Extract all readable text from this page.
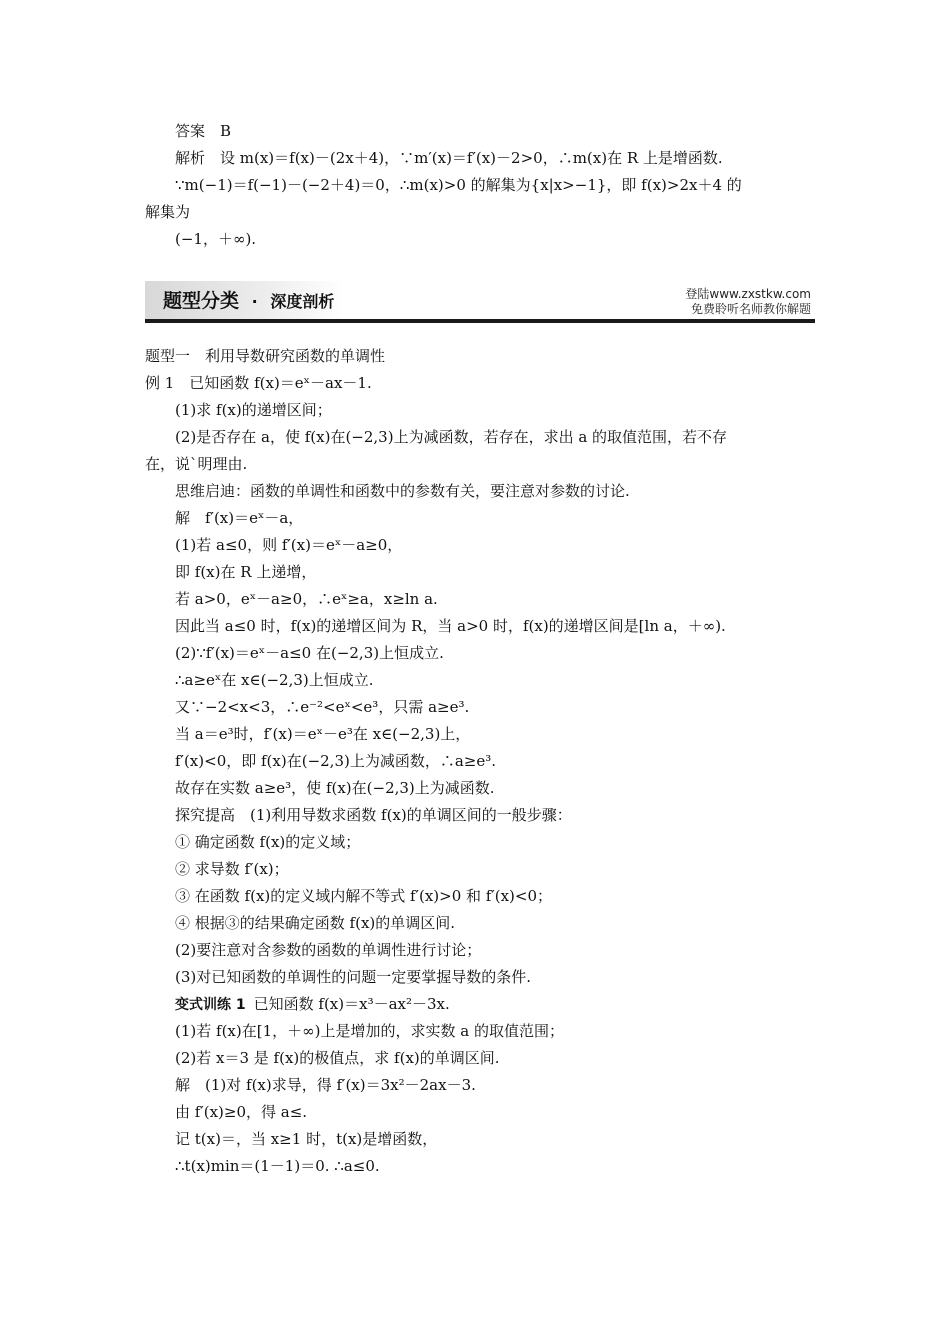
答案　B

解析　设 m(x)＝f(x)－(2x＋4)，∵m′(x)＝f′(x)－2>0，∴m(x)在 R 上是增函数.

∵m(−1)＝f(−1)－(−2＋4)＝0，∴m(x)>0 的解集为{x|x>−1}，即 f(x)>2x＋4 的

解集为

(−1，＋∞).

题型分类 · 深度剖析	登陆www.zxstkw.com
免费聆听名师教你解题

题型一　利用导数研究函数的单调性

例 1　已知函数 f(x)＝eˣ－ax－1.

(1)求 f(x)的递增区间；

(2)是否存在 a，使 f(x)在(−2,3)上为减函数，若存在，求出 a 的取值范围，若不存

在，说`明理由.

思维启迪：函数的单调性和函数中的参数有关，要注意对参数的讨论.

解　f′(x)＝eˣ－a，

(1)若 a≤0，则 f′(x)＝eˣ－a≥0，

即 f(x)在 R 上递增，

若 a>0，eˣ－a≥0，∴eˣ≥a，x≥ln a.

因此当 a≤0 时，f(x)的递增区间为 R，当 a>0 时，f(x)的递增区间是[ln a，＋∞).

(2)∵f′(x)＝eˣ－a≤0 在(−2,3)上恒成立.

∴a≥eˣ在 x∈(−2,3)上恒成立.

又∵−2<x<3，∴e⁻²<eˣ<e³，只需 a≥e³.

当 a＝e³时，f′(x)＝eˣ－e³在 x∈(−2,3)上，

f′(x)<0，即 f(x)在(−2,3)上为减函数，∴a≥e³.

故存在实数 a≥e³，使 f(x)在(−2,3)上为减函数.

探究提高　(1)利用导数求函数 f(x)的单调区间的一般步骤：

① 确定函数 f(x)的定义域；

② 求导数 f′(x)；

③ 在函数 f(x)的定义域内解不等式 f′(x)>0 和 f′(x)<0；

④ 根据③的结果确定函数 f(x)的单调区间.

(2)要注意对含参数的函数的单调性进行讨论；

(3)对已知函数的单调性的问题一定要掌握导数的条件.

变式训练 1 已知函数 f(x)＝x³－ax²－3x.

(1)若 f(x)在[1，＋∞)上是增加的，求实数 a 的取值范围；

(2)若 x＝3 是 f(x)的极值点，求 f(x)的单调区间.

解　(1)对 f(x)求导，得 f′(x)＝3x²－2ax－3.

由 f′(x)≥0，得 a≤.

记 t(x)＝，当 x≥1 时，t(x)是增函数，

∴t(x)min＝(1－1)＝0. ∴a≤0.
